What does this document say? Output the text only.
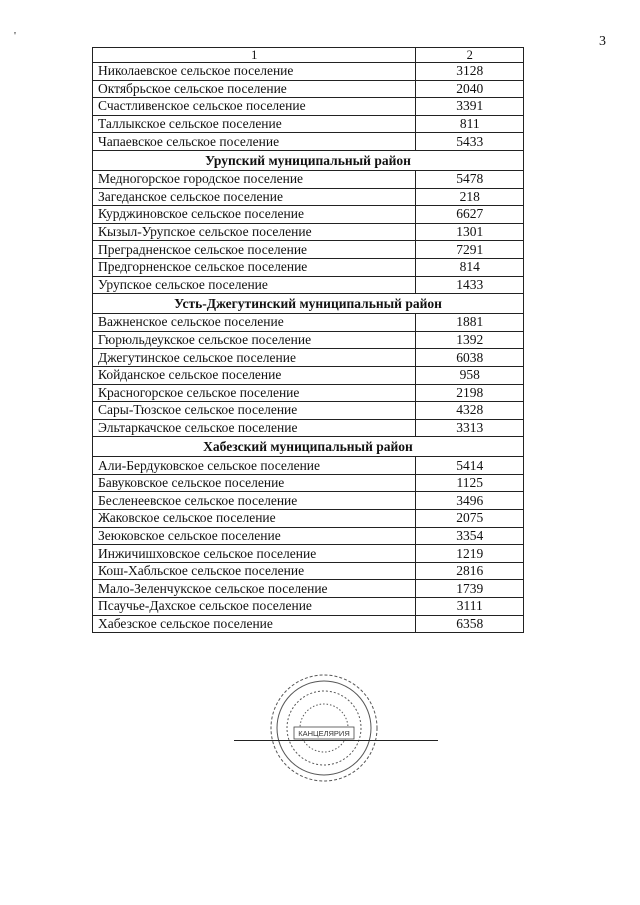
'	3
1	2
Николаевское сельское поселение	3128
Октябрьское сельское поселение	2040
Счастливенское сельское поселение	3391
Таллыкское сельское поселение	811
Чапаевское сельское поселение	5433
Урупский муниципальный район	
Медногорское городское поселение	5478
Загеданское сельское поселение	218
Курджиновское сельское поселение	6627
Кызыл-Урупское сельское поселение	1301
Преградненское сельское поселение	7291
Предгорненское сельское поселение	814
Урупское сельское поселение	1433
Усть-Джегутинский муниципальный район	
Важненское сельское поселение	1881
Гюрюльдеукское сельское поселение	1392
Джегутинское сельское поселение	6038
Койданское сельское поселение	958
Красногорское сельское поселение	2198
Сары-Тюзское сельское поселение	4328
Эльтаркачское сельское поселение	3313
Хабезский муниципальный район	
Али-Бердуковское сельское поселение	5414
Бавуковское сельское поселение	1125
Бесленеевское сельское поселение	3496
Жаковское сельское поселение	2075
Зеюковское сельское поселение	3354
Инжичишховское сельское поселение	1219
Кош-Хабльское сельское поселение	2816
Мало-Зеленчукское сельское поселение	1739
Псаучье-Дахское сельское поселение	3111
Хабезское сельское поселение	6358
КАНЦЕЛЯРИЯ
